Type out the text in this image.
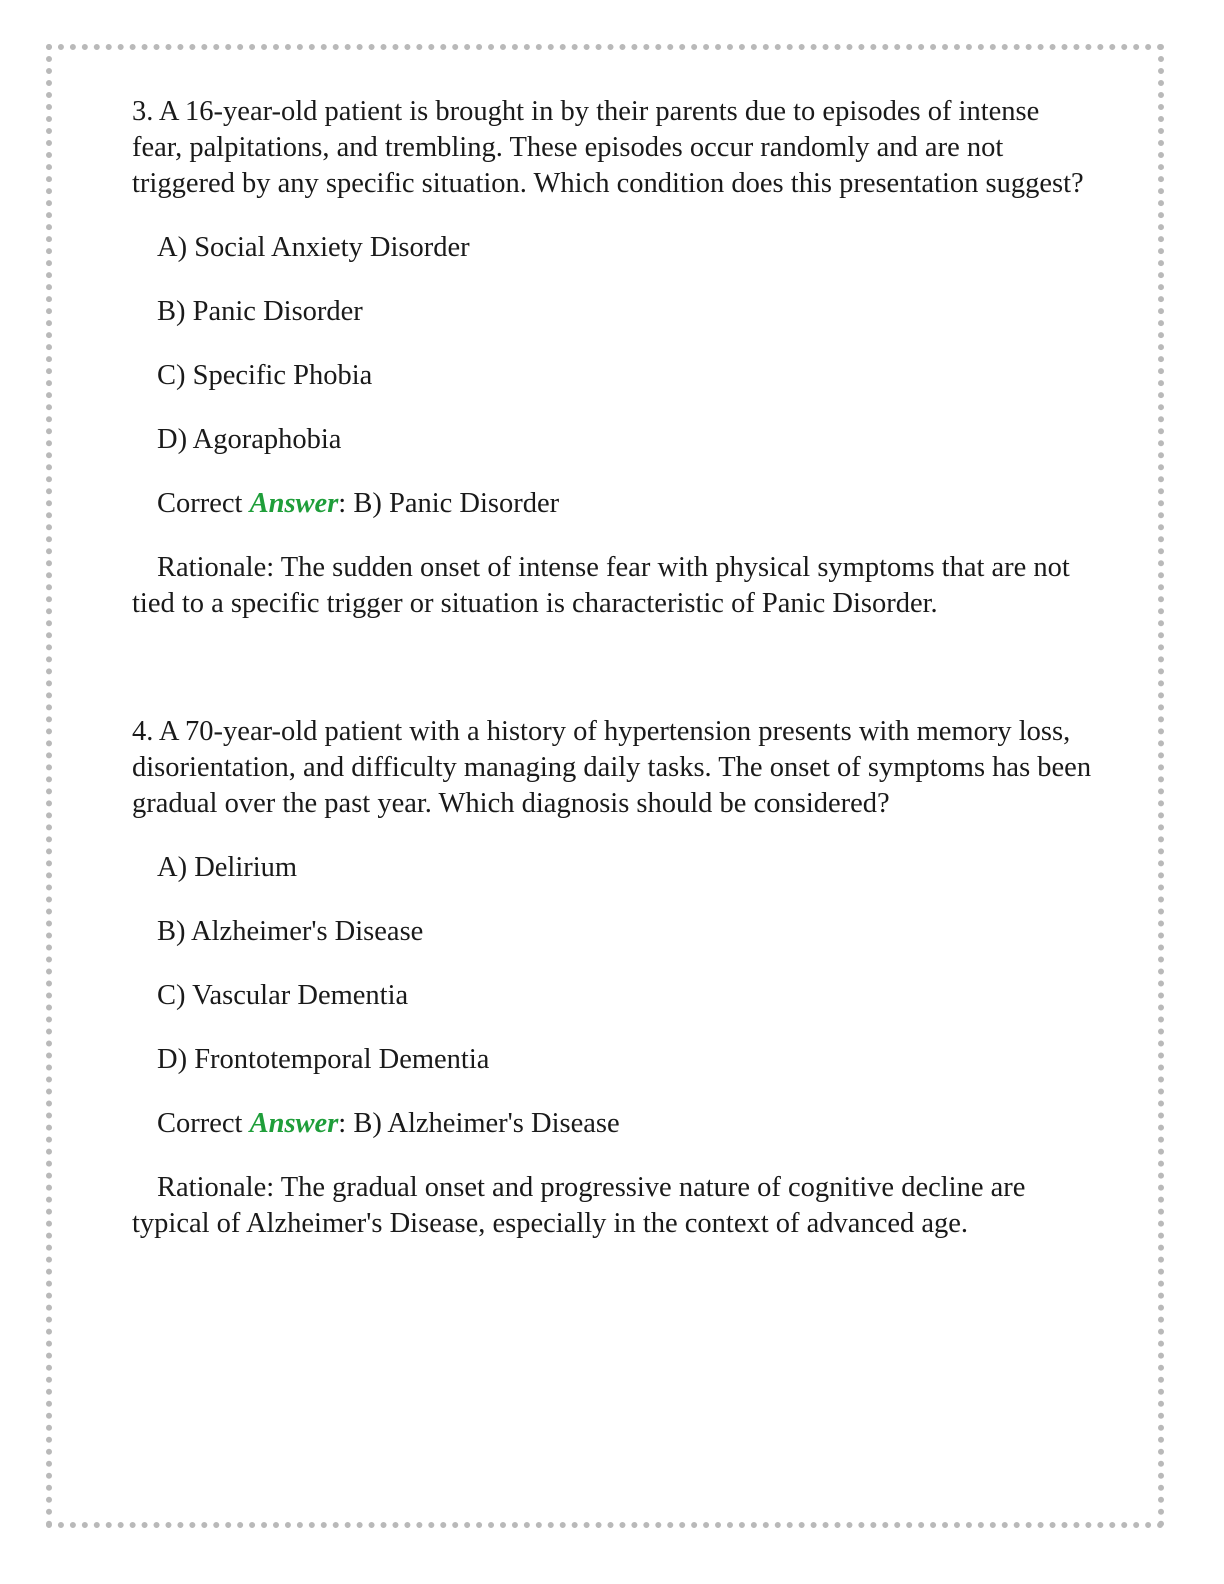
3. A 16-year-old patient is brought in by their parents due to episodes of intense fear, palpitations, and trembling. These episodes occur randomly and are not triggered by any specific situation. Which condition does this presentation suggest?

A) Social Anxiety Disorder

B) Panic Disorder

C) Specific Phobia

D) Agoraphobia

Correct Answer: B) Panic Disorder

Rationale: The sudden onset of intense fear with physical symptoms that are not tied to a specific trigger or situation is characteristic of Panic Disorder.

4. A 70-year-old patient with a history of hypertension presents with memory loss, disorientation, and difficulty managing daily tasks. The onset of symptoms has been gradual over the past year. Which diagnosis should be considered?

A) Delirium

B) Alzheimer's Disease

C) Vascular Dementia

D) Frontotemporal Dementia

Correct Answer: B) Alzheimer's Disease

Rationale: The gradual onset and progressive nature of cognitive decline are typical of Alzheimer's Disease, especially in the context of advanced age.
